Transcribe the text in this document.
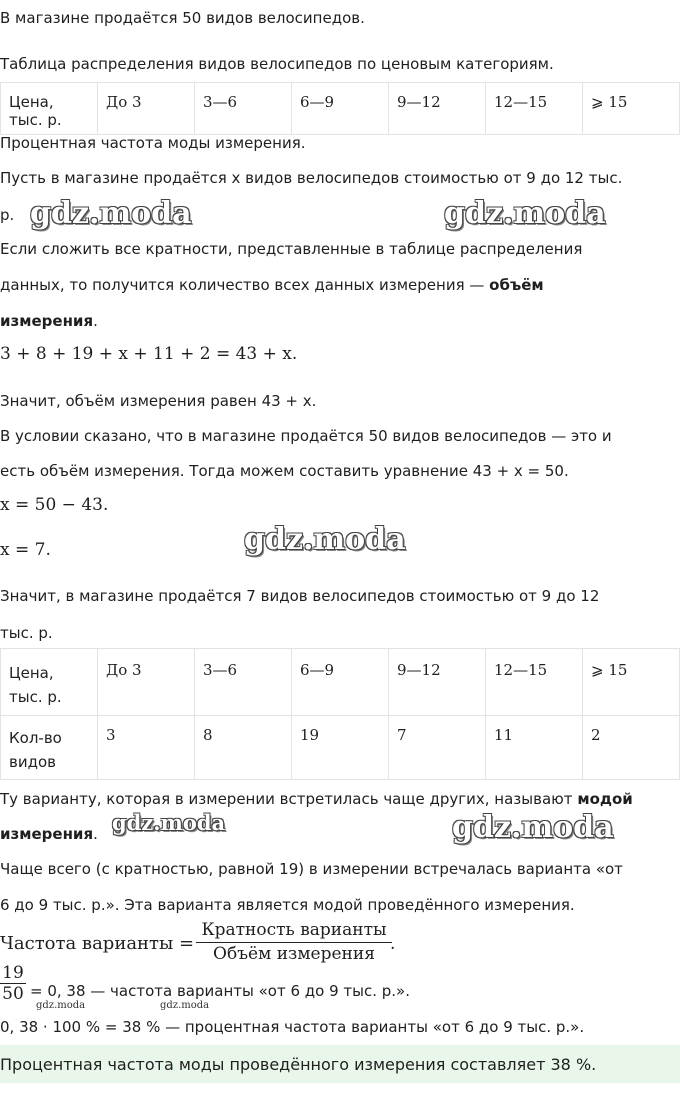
В магазине продаётся 50 видов велосипедов.
Таблица распределения видов велосипедов по ценовым категориям.
Цена, тыс. р.	До 3	3—6	6—9	9—12	12—15	⩾ 15
Процентная частота моды измерения.
Пусть в магазине продаётся x видов велосипедов стоимостью от 9 до 12 тыс.
р.
Если сложить все кратности, представленные в таблице распределения
данных, то получится количество всех данных измерения — объём
измерения.
3 + 8 + 19 + x + 11 + 2 = 43 + x.
Значит, объём измерения равен 43 + x.
В условии сказано, что в магазине продаётся 50 видов велосипедов — это и
есть объём измерения. Тогда можем составить уравнение 43 + x = 50.
x = 50 − 43.
x = 7.
Значит, в магазине продаётся 7 видов велосипедов стоимостью от 9 до 12
тыс. р.
Цена, тыс. р.	До 3	3—6	6—9	9—12	12—15	⩾ 15
Кол-во видов	3	8	19	7	11	2
Ту варианту, которая в измерении встретилась чаще других, называют модой
измерения.
Чаще всего (с кратностью, равной 19) в измерении встречалась варианта «от
6 до 9 тыс. р.». Эта варианта является модой проведённого измерения.
Частота варианты =
Кратность варианты
Объём измерения .
$\frac{19}{50} = 0$, 38 — частота варианты «от 6 до 9 тыс. р.».
0, 38 · 100 % = 38 % — процентная частота варианты «от 6 до 9 тыс. р.».
Процентная частота моды проведённого измерения составляет 38 %.
gdz.moda	gdz.moda
gdz.moda
gdz.moda	gdz.moda
gdz.moda	gdz.moda
